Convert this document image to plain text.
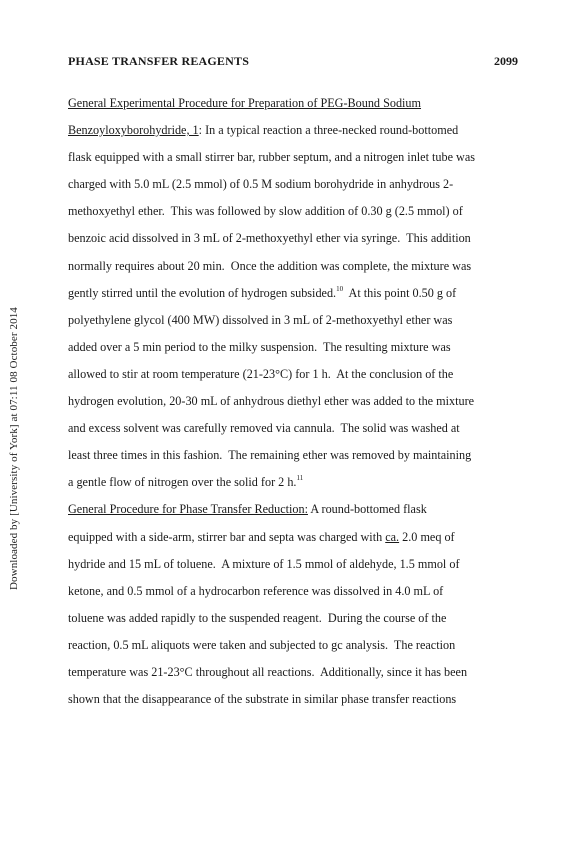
Downloaded by [University of York] at 07:11 08 October 2014
PHASE TRANSFER REAGENTS	2099
General Experimental Procedure for Preparation of PEG-Bound Sodium
Benzoyloxyborohydride, 1: In a typical reaction a three-necked round-bottomed
flask equipped with a small stirrer bar, rubber septum, and a nitrogen inlet tube was
charged with 5.0 mL (2.5 mmol) of 0.5 M sodium borohydride in anhydrous 2-
methoxyethyl ether.  This was followed by slow addition of 0.30 g (2.5 mmol) of
benzoic acid dissolved in 3 mL of 2-methoxyethyl ether via syringe.  This addition
normally requires about 20 min.  Once the addition was complete, the mixture was
gently stirred until the evolution of hydrogen subsided.$^{10}$  At this point 0.50 g of
polyethylene glycol (400 MW) dissolved in 3 mL of 2-methoxyethyl ether was
added over a 5 min period to the milky suspension.  The resulting mixture was
allowed to stir at room temperature (21-23°C) for 1 h.  At the conclusion of the
hydrogen evolution, 20-30 mL of anhydrous diethyl ether was added to the mixture
and excess solvent was carefully removed via cannula.  The solid was washed at
least three times in this fashion.  The remaining ether was removed by maintaining
a gentle flow of nitrogen over the solid for 2 h.$^{11}$
General Procedure for Phase Transfer Reduction: A round-bottomed flask
equipped with a side-arm, stirrer bar and septa was charged with ca. 2.0 meq of
hydride and 15 mL of toluene.  A mixture of 1.5 mmol of aldehyde, 1.5 mmol of
ketone, and 0.5 mmol of a hydrocarbon reference was dissolved in 4.0 mL of
toluene was added rapidly to the suspended reagent.  During the course of the
reaction, 0.5 mL aliquots were taken and subjected to gc analysis.  The reaction
temperature was 21-23°C throughout all reactions.  Additionally, since it has been
shown that the disappearance of the substrate in similar phase transfer reactions
